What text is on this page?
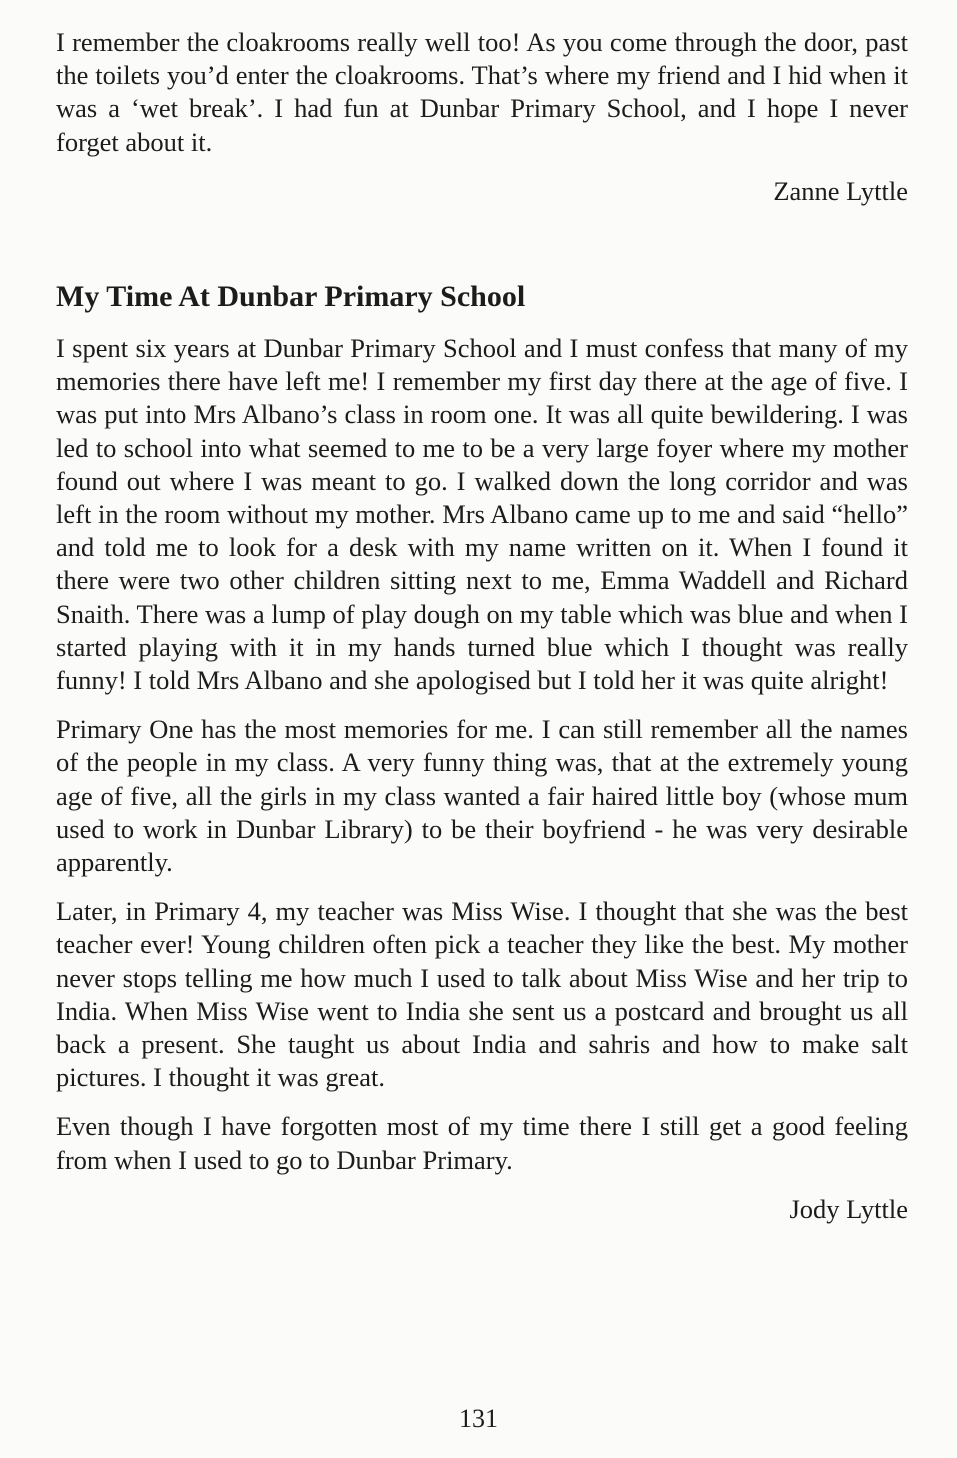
I remember the cloakrooms really well too! As you come through the door, past the toilets you’d enter the cloakrooms. That’s where my friend and I hid when it was a ‘wet break’. I had fun at Dunbar Primary School, and I hope I never forget about it.

Zanne Lyttle
My Time At Dunbar Primary School

I spent six years at Dunbar Primary School and I must confess that many of my memories there have left me! I remember my first day there at the age of five. I was put into Mrs Albano’s class in room one. It was all quite bewildering. I was led to school into what seemed to me to be a very large foyer where my mother found out where I was meant to go. I walked down the long corridor and was left in the room without my mother. Mrs Albano came up to me and said “hello” and told me to look for a desk with my name written on it. When I found it there were two other children sitting next to me, Emma Waddell and Richard Snaith. There was a lump of play dough on my table which was blue and when I started playing with it in my hands turned blue which I thought was really funny! I told Mrs Albano and she apologised but I told her it was quite alright!

Primary One has the most memories for me. I can still remember all the names of the people in my class. A very funny thing was, that at the extremely young age of five, all the girls in my class wanted a fair haired little boy (whose mum used to work in Dunbar Library) to be their boyfriend - he was very desirable apparently.

Later, in Primary 4, my teacher was Miss Wise. I thought that she was the best teacher ever! Young children often pick a teacher they like the best. My mother never stops telling me how much I used to talk about Miss Wise and her trip to India. When Miss Wise went to India she sent us a postcard and brought us all back a present. She taught us about India and sahris and how to make salt pictures. I thought it was great.

Even though I have forgotten most of my time there I still get a good feeling from when I used to go to Dunbar Primary.

Jody Lyttle
131
